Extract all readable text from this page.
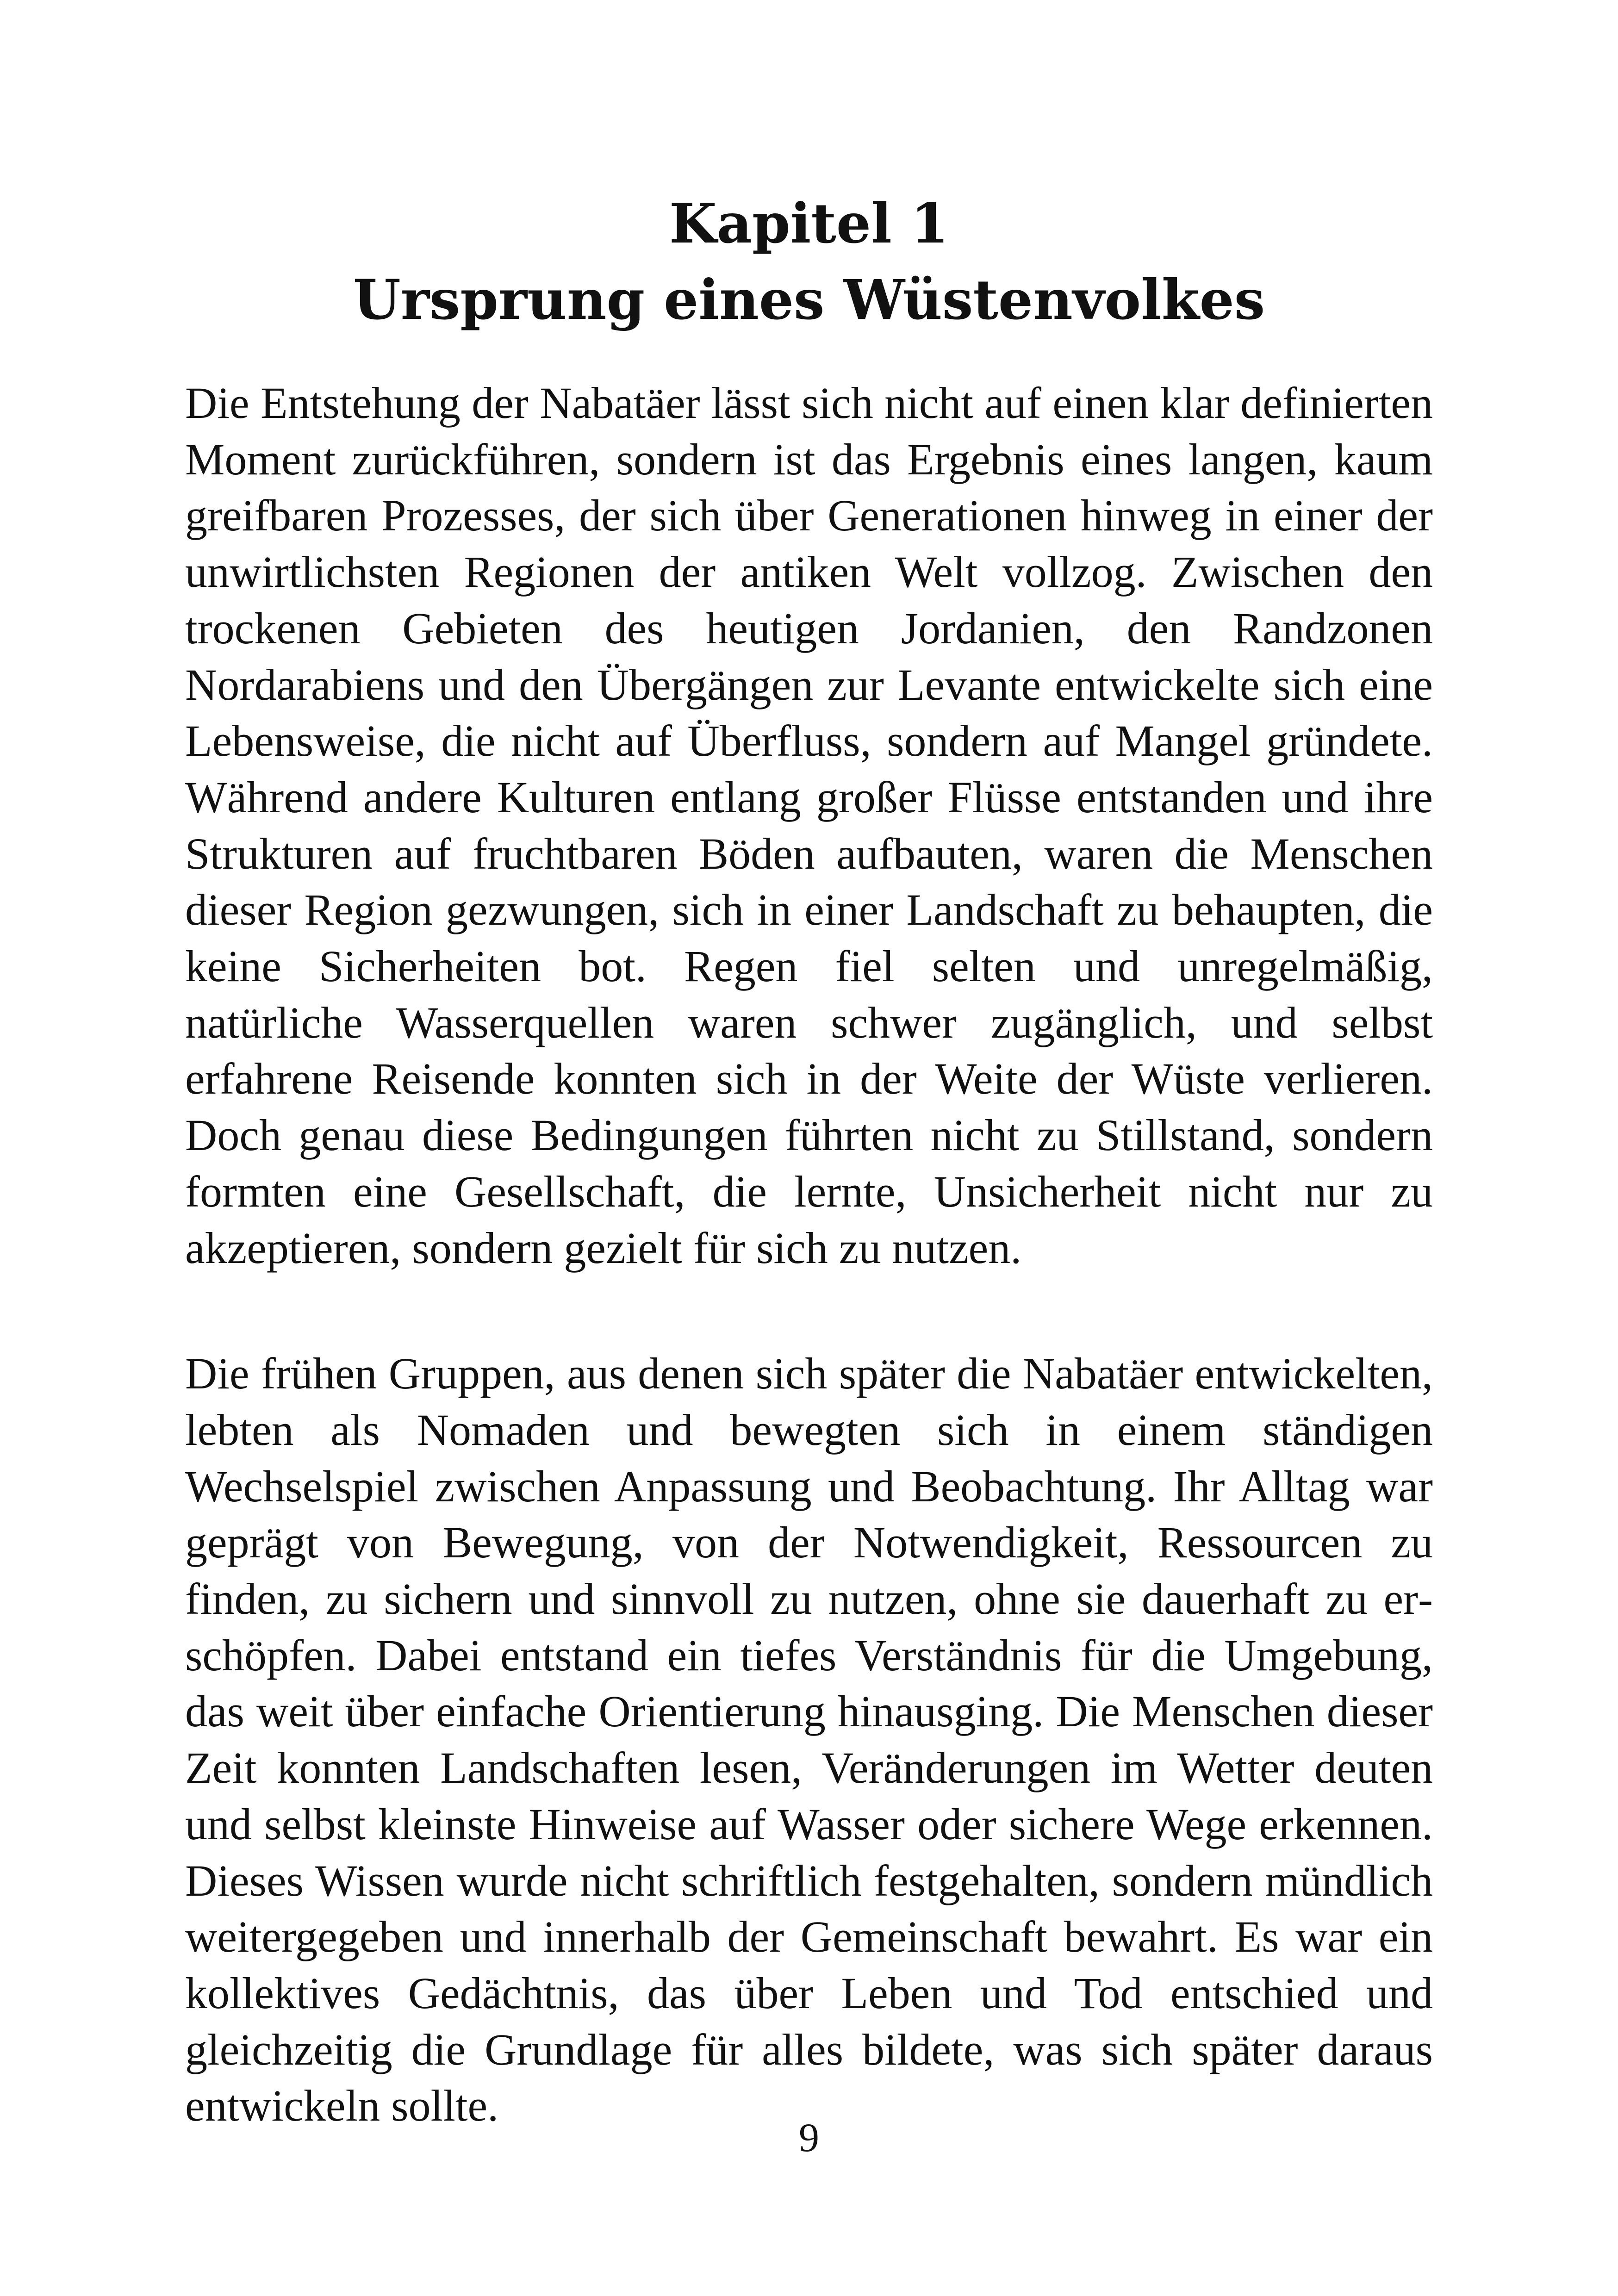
Kapitel 1
Ursprung eines Wüstenvolkes

Die Entstehung der Nabatäer lässt sich nicht auf einen klar definierten Moment zurückführen, sondern ist das Ergebnis eines langen, kaum greifbaren Prozesses, der sich über Generationen hinweg in einer der unwirtlichsten Regionen der antiken Welt vollzog. Zwischen den trockenen Gebieten des heutigen Jordanien, den Randzonen Nordarabiens und den Übergängen zur Levante entwickelte sich eine Lebensweise, die nicht auf Überfluss, sondern auf Mangel gründete. Während andere Kulturen entlang großer Flüsse entstanden und ihre Strukturen auf fruchtbaren Böden aufbauten, waren die Menschen dieser Region gezwungen, sich in einer Landschaft zu behaupten, die keine Sicherheiten bot. Regen fiel selten und unregelmäßig, natürliche Wasserquellen waren schwer zugänglich, und selbst erfahrene Reisende konnten sich in der Weite der Wüste verlieren. Doch genau diese Bedingungen führten nicht zu Stillstand, sondern formten eine Gesellschaft, die lernte, Unsicherheit nicht nur zu akzeptieren, sondern gezielt für sich zu nutzen.

Die frühen Gruppen, aus denen sich später die Nabatäer entwickelten, lebten als Nomaden und bewegten sich in einem ständigen Wechselspiel zwischen Anpassung und Beobachtung. Ihr Alltag war geprägt von Bewegung, von der Notwendigkeit, Ressourcen zu finden, zu sichern und sinnvoll zu nutzen, ohne sie dauerhaft zu erschöpfen. Dabei entstand ein tiefes Verständnis für die Umgebung, das weit über einfache Orientierung hinausging. Die Menschen dieser Zeit konnten Landschaften lesen, Veränderungen im Wetter deuten und selbst kleinste Hinweise auf Wasser oder sichere Wege erkennen. Dieses Wissen wurde nicht schriftlich festgehalten, sondern mündlich weitergegeben und innerhalb der Gemeinschaft bewahrt. Es war ein kollektives Gedächtnis, das über Leben und Tod entschied und gleichzeitig die Grundlage für alles bildete, was sich später daraus entwickeln sollte.

9
